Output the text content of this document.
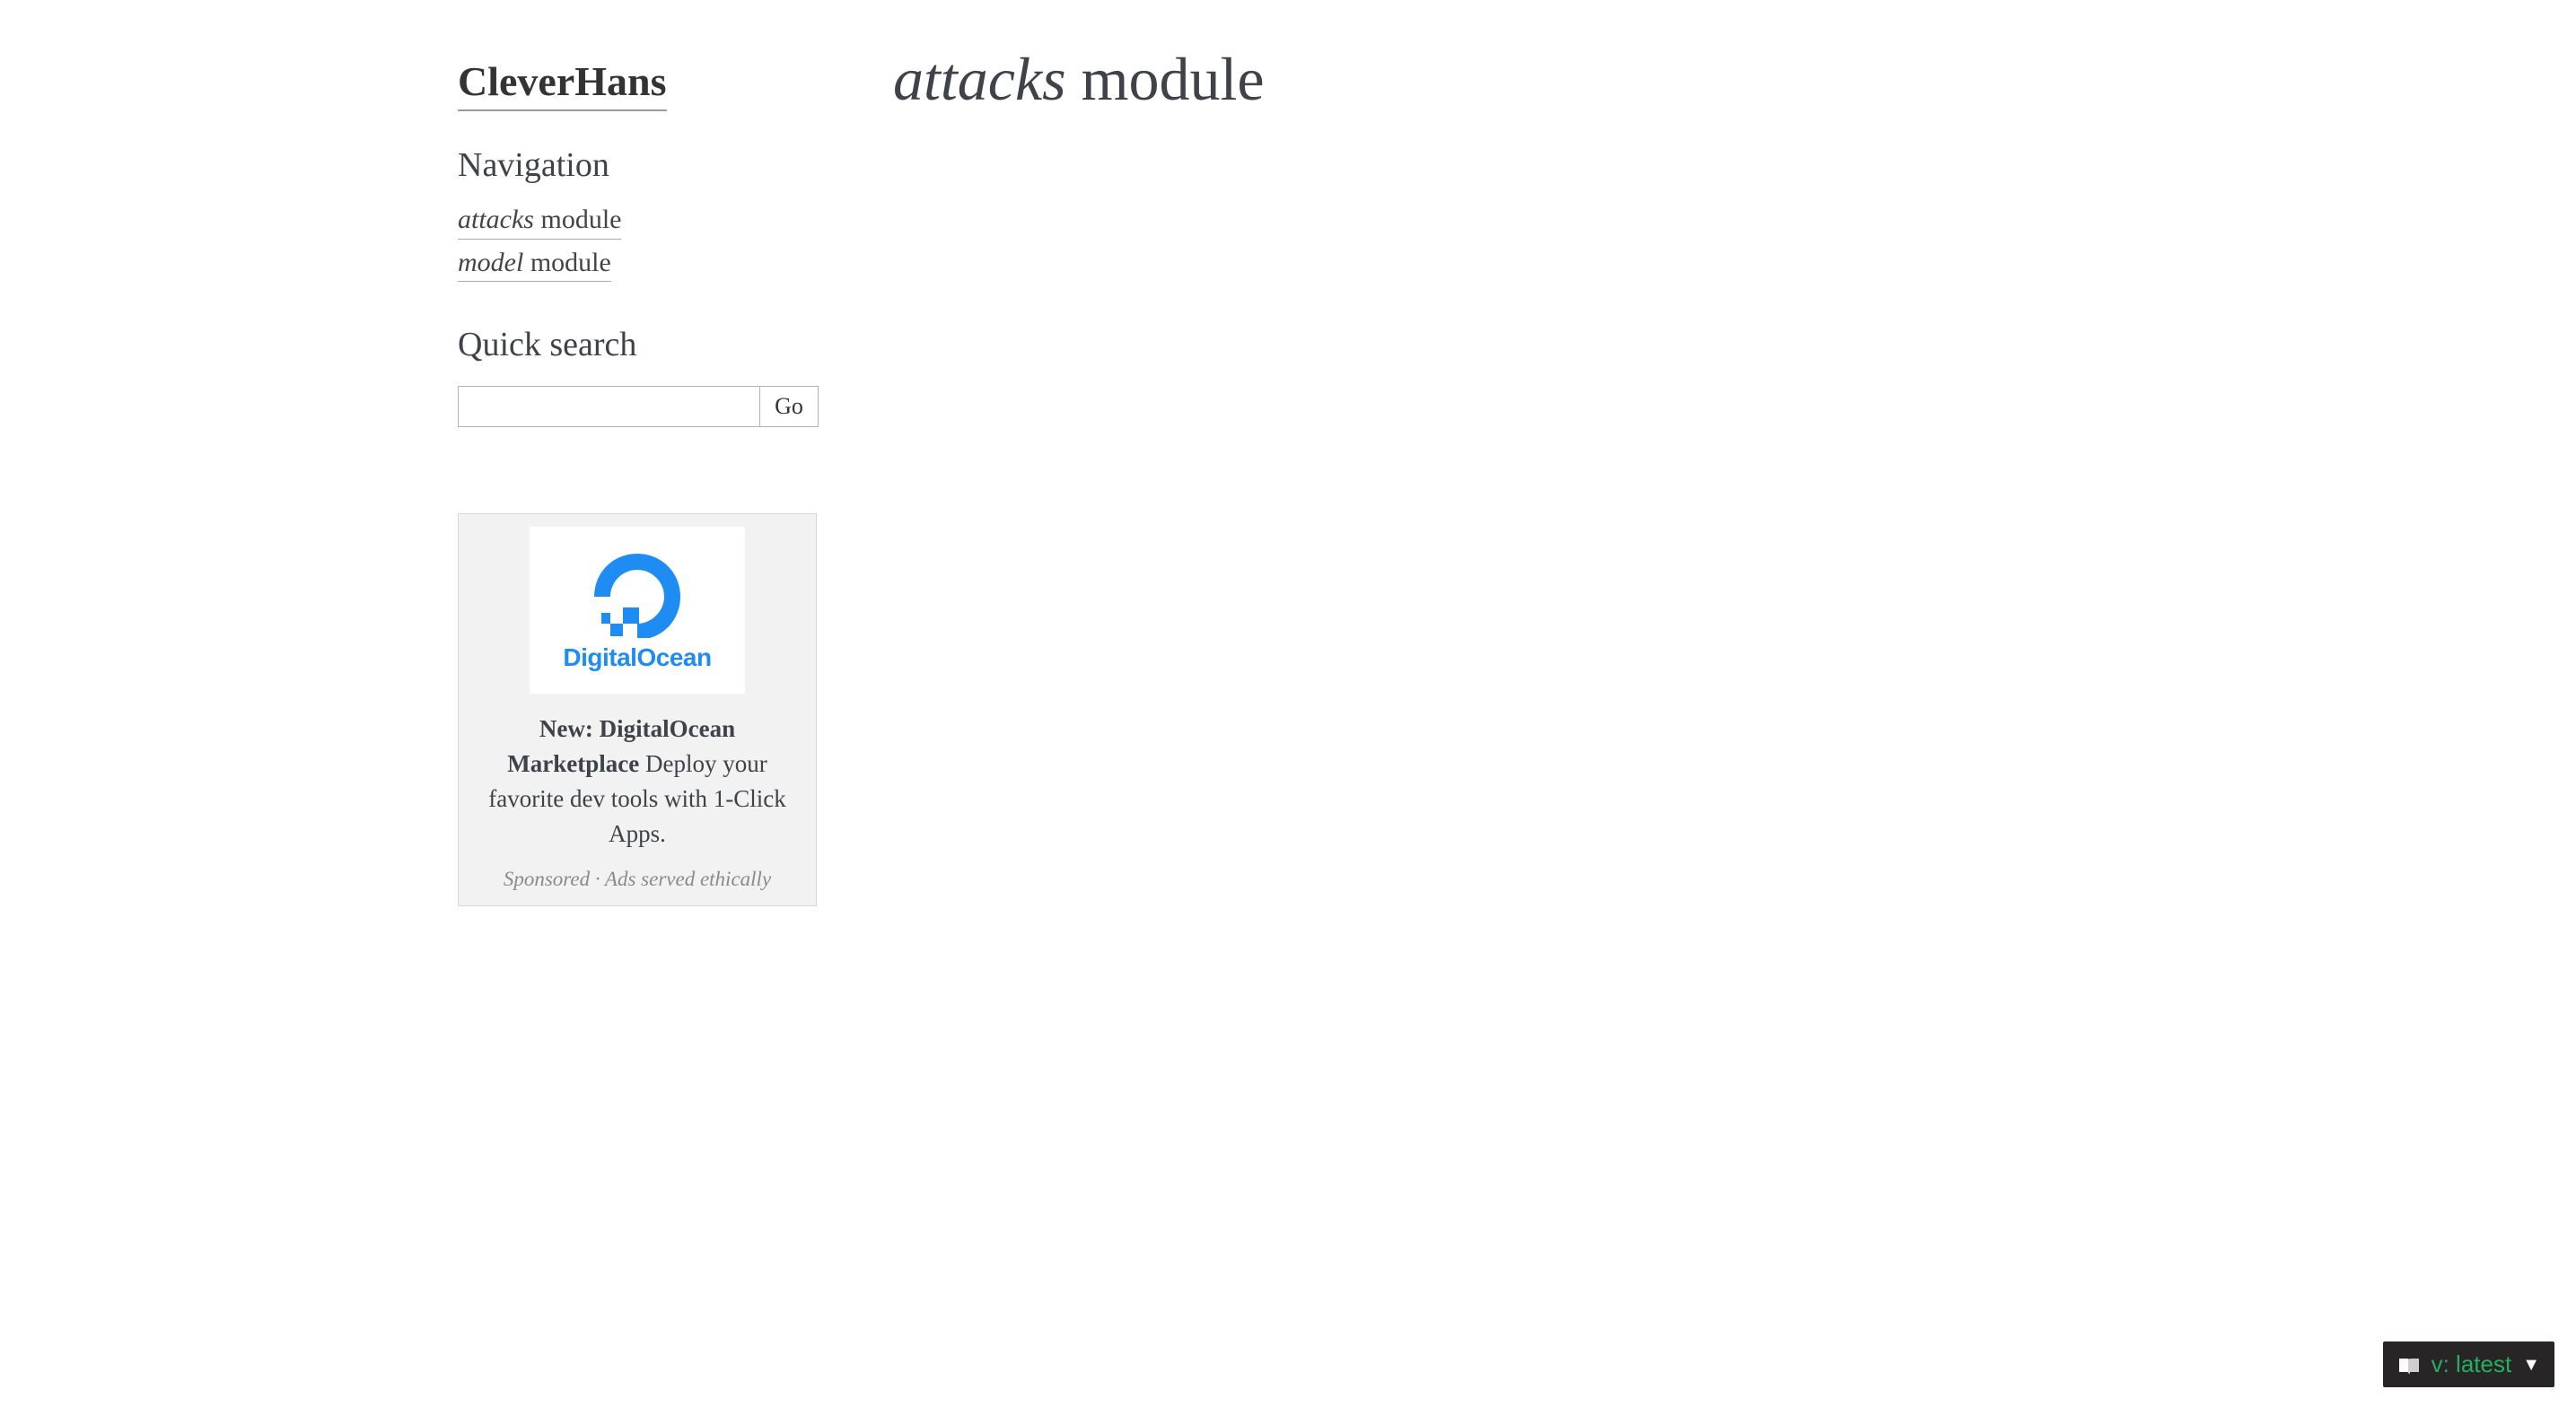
CleverHans
Navigation
attacks module
model module
Quick search
Go
DigitalOcean
New: DigitalOcean Marketplace Deploy your favorite dev tools with 1-Click Apps.
Sponsored · Ads served ethically
attacks module
v: latest ▼
